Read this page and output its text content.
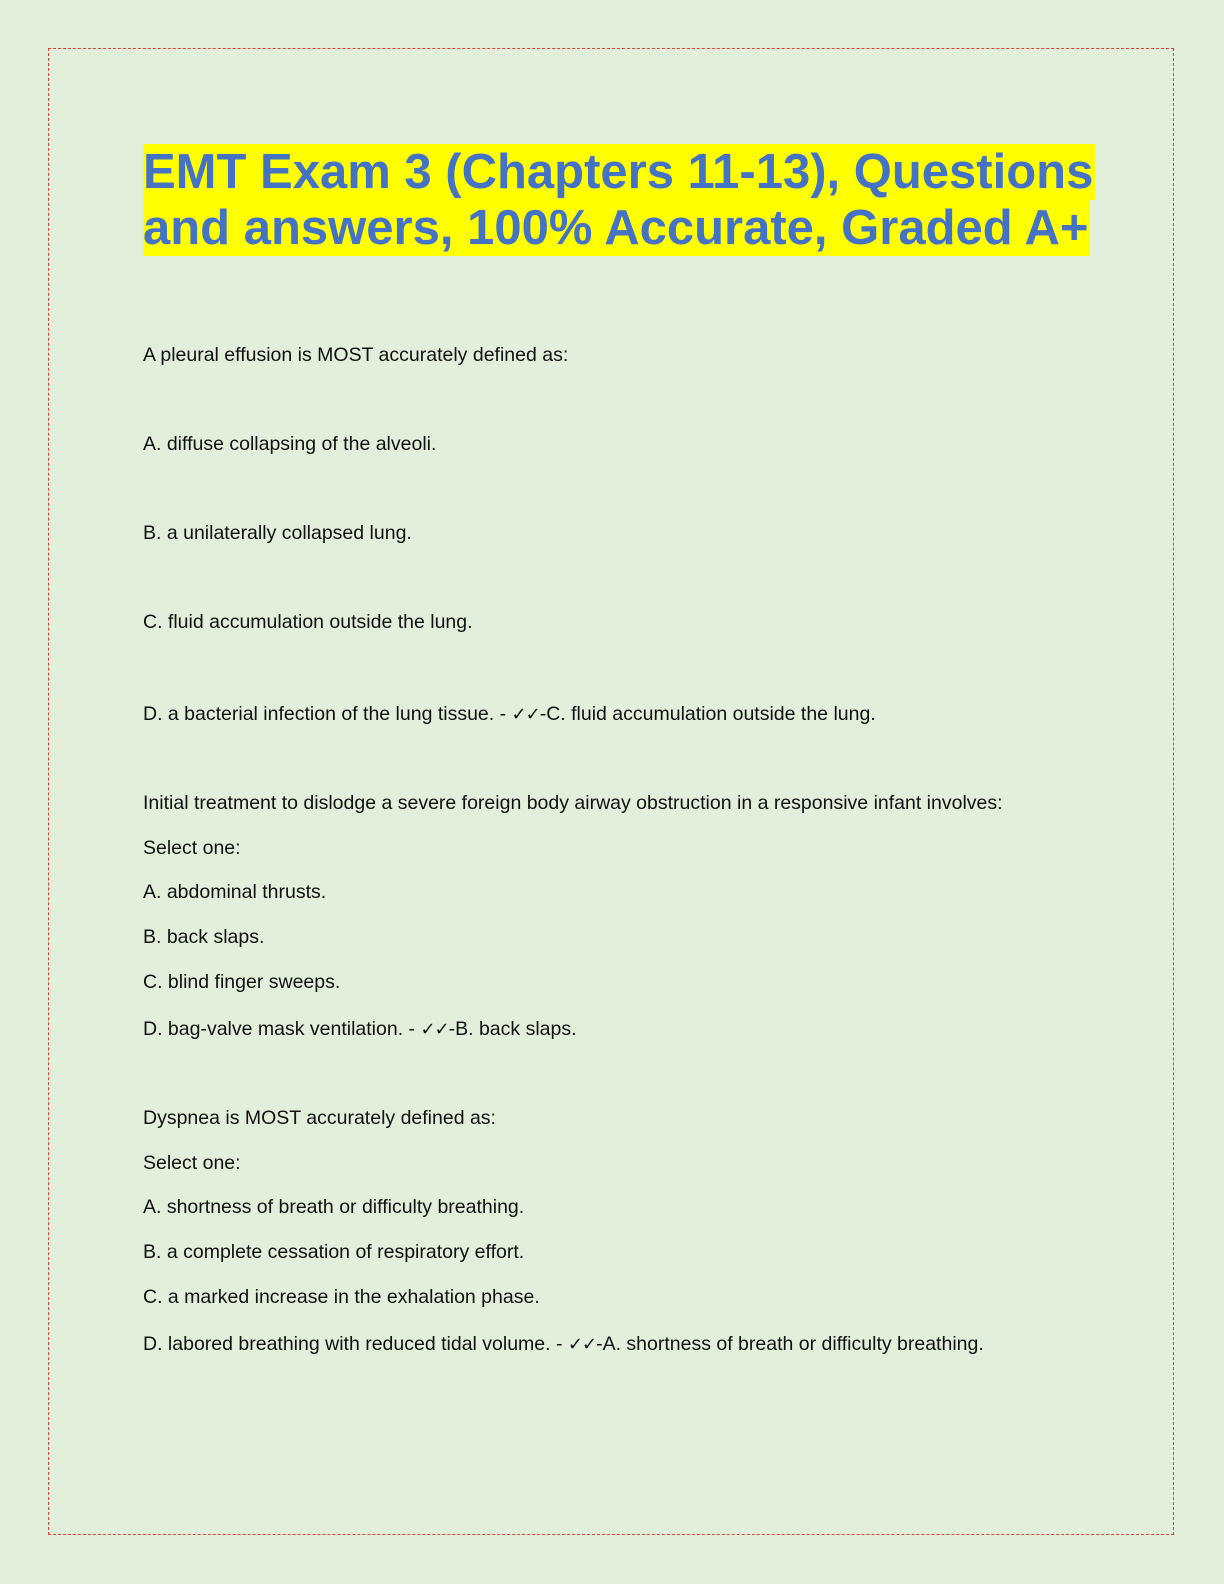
EMT Exam 3 (Chapters 11-13), Questions
and answers, 100% Accurate, Graded A+
A pleural effusion is MOST accurately defined as:
A. diffuse collapsing of the alveoli.
B. a unilaterally collapsed lung.
C. fluid accumulation outside the lung.
D. a bacterial infection of the lung tissue. - ✓✓-C. fluid accumulation outside the lung.
Initial treatment to dislodge a severe foreign body airway obstruction in a responsive infant involves:
Select one:
A. abdominal thrusts.
B. back slaps.
C. blind finger sweeps.
D. bag-valve mask ventilation. - ✓✓-B. back slaps.
Dyspnea is MOST accurately defined as:
Select one:
A. shortness of breath or difficulty breathing.
B. a complete cessation of respiratory effort.
C. a marked increase in the exhalation phase.
D. labored breathing with reduced tidal volume. - ✓✓-A. shortness of breath or difficulty breathing.
